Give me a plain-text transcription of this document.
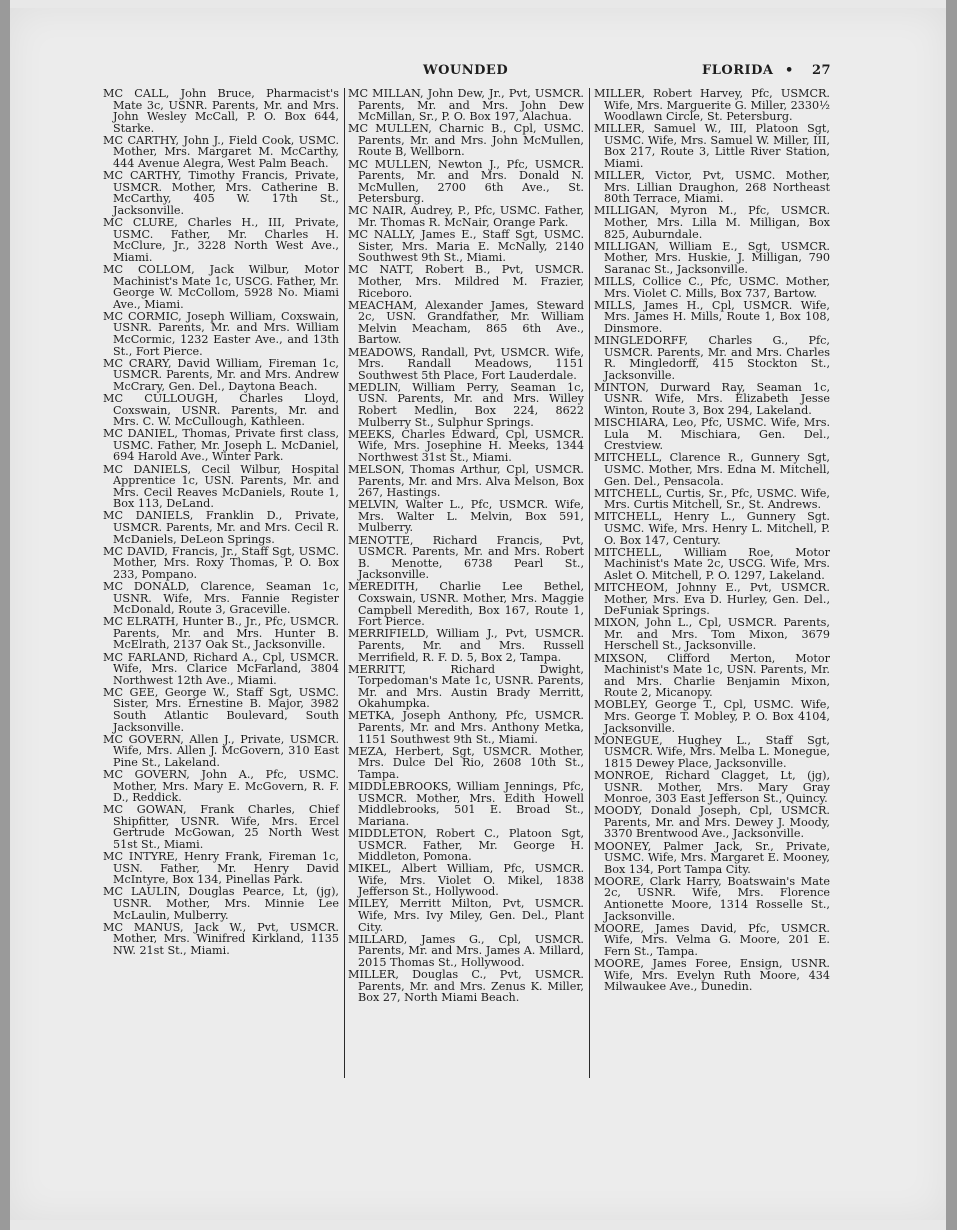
WOUNDED	FLORIDA • 27

MC CALL, John Bruce, Pharmacist's Mate 3c, USNR. Parents, Mr. and Mrs. John Wesley McCall, P. O. Box 644, Starke.

MC CARTHY, John J., Field Cook, USMC. Mother, Mrs. Margaret M. McCarthy, 444 Avenue Alegra, West Palm Beach.

MC CARTHY, Timothy Francis, Private, USMCR. Mother, Mrs. Catherine B. McCarthy, 405 W. 17th St., Jacksonville.

MC CLURE, Charles H., III, Private, USMC. Father, Mr. Charles H. McClure, Jr., 3228 North West Ave., Miami.

MC COLLOM, Jack Wilbur, Motor Machinist's Mate 1c, USCG. Father, Mr. George W. McCollom, 5928 No. Miami Ave., Miami.

MC CORMIC, Joseph William, Coxswain, USNR. Parents, Mr. and Mrs. William McCormic, 1232 Easter Ave., and 13th St., Fort Pierce.

MC CRARY, David William, Fireman 1c, USMCR. Parents, Mr. and Mrs. Andrew McCrary, Gen. Del., Daytona Beach.

MC CULLOUGH, Charles Lloyd, Coxswain, USNR. Parents, Mr. and Mrs. C. W. McCullough, Kathleen.

MC DANIEL, Thomas, Private first class, USMC. Father, Mr. Joseph L. McDaniel, 694 Harold Ave., Winter Park.

MC DANIELS, Cecil Wilbur, Hospital Apprentice 1c, USN. Parents, Mr. and Mrs. Cecil Reaves McDaniels, Route 1, Box 113, DeLand.

MC DANIELS, Franklin D., Private, USMCR. Parents, Mr. and Mrs. Cecil R. McDaniels, DeLeon Springs.

MC DAVID, Francis, Jr., Staff Sgt, USMC. Mother, Mrs. Roxy Thomas, P. O. Box 233, Pompano.

MC DONALD, Clarence, Seaman 1c, USNR. Wife, Mrs. Fannie Register McDonald, Route 3, Graceville.

MC ELRATH, Hunter B., Jr., Pfc, USMCR. Parents, Mr. and Mrs. Hunter B. McElrath, 2137 Oak St., Jacksonville.

MC FARLAND, Richard A., Cpl, USMCR. Wife, Mrs. Clarice McFarland, 3804 Northwest 12th Ave., Miami.

MC GEE, George W., Staff Sgt, USMC. Sister, Mrs. Ernestine B. Major, 3982 South Atlantic Boulevard, South Jacksonville.

MC GOVERN, Allen J., Private, USMCR. Wife, Mrs. Allen J. McGovern, 310 East Pine St., Lakeland.

MC GOVERN, John A., Pfc, USMC. Mother, Mrs. Mary E. McGovern, R. F. D., Reddick.

MC GOWAN, Frank Charles, Chief Shipfitter, USNR. Wife, Mrs. Ercel Gertrude McGowan, 25 North West 51st St., Miami.

MC INTYRE, Henry Frank, Fireman 1c, USN. Father, Mr. Henry David McIntyre, Box 134, Pinellas Park.

MC LAULIN, Douglas Pearce, Lt, (jg), USNR. Mother, Mrs. Minnie Lee McLaulin, Mulberry.

MC MANUS, Jack W., Pvt, USMCR. Mother, Mrs. Winifred Kirkland, 1135 NW. 21st St., Miami.

MC MILLAN, John Dew, Jr., Pvt, USMCR. Parents, Mr. and Mrs. John Dew McMillan, Sr., P. O. Box 197, Alachua.

MC MULLEN, Charnic B., Cpl, USMC. Parents, Mr. and Mrs. John McMullen, Route B, Wellborn.

MC MULLEN, Newton J., Pfc, USMCR. Parents, Mr. and Mrs. Donald N. McMullen, 2700 6th Ave., St. Petersburg.

MC NAIR, Audrey, P., Pfc, USMC. Father, Mr. Thomas R. McNair, Orange Park.

MC NALLY, James E., Staff Sgt, USMC. Sister, Mrs. Maria E. McNally, 2140 Southwest 9th St., Miami.

MC NATT, Robert B., Pvt, USMCR. Mother, Mrs. Mildred M. Frazier, Riceboro.

MEACHAM, Alexander James, Steward 2c, USN. Grandfather, Mr. William Melvin Meacham, 865 6th Ave., Bartow.

MEADOWS, Randall, Pvt, USMCR. Wife, Mrs. Randall Meadows, 1151 Southwest 5th Place, Fort Lauderdale.

MEDLIN, William Perry, Seaman 1c, USN. Parents, Mr. and Mrs. Willey Robert Medlin, Box 224, 8622 Mulberry St., Sulphur Springs.

MEEKS, Charles Edward, Cpl, USMCR. Wife, Mrs. Josephine H. Meeks, 1344 Northwest 31st St., Miami.

MELSON, Thomas Arthur, Cpl, USMCR. Parents, Mr. and Mrs. Alva Melson, Box 267, Hastings.

MELVIN, Walter L., Pfc, USMCR. Wife, Mrs. Walter L. Melvin, Box 591, Mulberry.

MENOTTE, Richard Francis, Pvt, USMCR. Parents, Mr. and Mrs. Robert B. Menotte, 6738 Pearl St., Jacksonville.

MEREDITH, Charlie Lee Bethel, Coxswain, USNR. Mother, Mrs. Maggie Campbell Meredith, Box 167, Route 1, Fort Pierce.

MERRIFIELD, William J., Pvt, USMCR. Parents, Mr. and Mrs. Russell Merrifield, R. F. D. 5, Box 2, Tampa.

MERRITT, Richard Dwight, Torpedoman's Mate 1c, USNR. Parents, Mr. and Mrs. Austin Brady Merritt, Okahumpka.

METKA, Joseph Anthony, Pfc, USMCR. Parents, Mr. and Mrs. Anthony Metka, 1151 Southwest 9th St., Miami.

MEZA, Herbert, Sgt, USMCR. Mother, Mrs. Dulce Del Rio, 2608 10th St., Tampa.

MIDDLEBROOKS, William Jennings, Pfc, USMCR. Mother, Mrs. Edith Howell Middlebrooks, 501 E. Broad St., Mariana.

MIDDLETON, Robert C., Platoon Sgt, USMCR. Father, Mr. George H. Middleton, Pomona.

MIKEL, Albert William, Pfc, USMCR. Wife, Mrs. Violet O. Mikel, 1838 Jefferson St., Hollywood.

MILEY, Merritt Milton, Pvt, USMCR. Wife, Mrs. Ivy Miley, Gen. Del., Plant City.

MILLARD, James G., Cpl, USMCR. Parents, Mr. and Mrs. James A. Millard, 2015 Thomas St., Hollywood.

MILLER, Douglas C., Pvt, USMCR. Parents, Mr. and Mrs. Zenus K. Miller, Box 27, North Miami Beach.

MILLER, Robert Harvey, Pfc, USMCR. Wife, Mrs. Marguerite G. Miller, 2330½ Woodlawn Circle, St. Petersburg.

MILLER, Samuel W., III, Platoon Sgt, USMC. Wife, Mrs. Samuel W. Miller, III, Box 217, Route 3, Little River Station, Miami.

MILLER, Victor, Pvt, USMC. Mother, Mrs. Lillian Draughon, 268 Northeast 80th Terrace, Miami.

MILLIGAN, Myron M., Pfc, USMCR. Mother, Mrs. Lilla M. Milligan, Box 825, Auburndale.

MILLIGAN, William E., Sgt, USMCR. Mother, Mrs. Huskie, J. Milligan, 790 Saranac St., Jacksonville.

MILLS, Collice C., Pfc, USMC. Mother, Mrs. Violet C. Mills, Box 737, Bartow.

MILLS, James H., Cpl, USMCR. Wife, Mrs. James H. Mills, Route 1, Box 108, Dinsmore.

MINGLEDORFF, Charles G., Pfc, USMCR. Parents, Mr. and Mrs. Charles R. Mingledorff, 415 Stockton St., Jacksonville.

MINTON, Durward Ray, Seaman 1c, USNR. Wife, Mrs. Elizabeth Jesse Winton, Route 3, Box 294, Lakeland.

MISCHIARA, Leo, Pfc, USMC. Wife, Mrs. Lula M. Mischiara, Gen. Del., Crestview.

MITCHELL, Clarence R., Gunnery Sgt, USMC. Mother, Mrs. Edna M. Mitchell, Gen. Del., Pensacola.

MITCHELL, Curtis, Sr., Pfc, USMC. Wife, Mrs. Curtis Mitchell, Sr., St. Andrews.

MITCHELL, Henry L., Gunnery Sgt. USMC. Wife, Mrs. Henry L. Mitchell, P. O. Box 147, Century.

MITCHELL, William Roe, Motor Machinist's Mate 2c, USCG. Wife, Mrs. Aslet O. Mitchell, P. O. 1297, Lakeland.

MITCHEOM, Johnny E., Pvt, USMCR. Mother, Mrs. Eva D. Hurley, Gen. Del., DeFuniak Springs.

MIXON, John L., Cpl, USMCR. Parents, Mr. and Mrs. Tom Mixon, 3679 Herschell St., Jacksonville.

MIXSON, Clifford Merton, Motor Machinist's Mate 1c, USN. Parents, Mr. and Mrs. Charlie Benjamin Mixon, Route 2, Micanopy.

MOBLEY, George T., Cpl, USMC. Wife, Mrs. George T. Mobley, P. O. Box 4104, Jacksonville.

MONEGUE, Hughey L., Staff Sgt, USMCR. Wife, Mrs. Melba L. Monegue, 1815 Dewey Place, Jacksonville.

MONROE, Richard Clagget, Lt, (jg), USNR. Mother, Mrs. Mary Gray Monroe, 303 East Jefferson St., Quincy.

MOODY, Donald Joseph, Cpl, USMCR. Parents, Mr. and Mrs. Dewey J. Moody, 3370 Brentwood Ave., Jacksonville.

MOONEY, Palmer Jack, Sr., Private, USMC. Wife, Mrs. Margaret E. Mooney, Box 134, Port Tampa City.

MOORE, Clark Harry, Boatswain's Mate 2c, USNR. Wife, Mrs. Florence Antionette Moore, 1314 Rosselle St., Jacksonville.

MOORE, James David, Pfc, USMCR. Wife, Mrs. Velma G. Moore, 201 E. Fern St., Tampa.

MOORE, James Foree, Ensign, USNR. Wife, Mrs. Evelyn Ruth Moore, 434 Milwaukee Ave., Dunedin.
